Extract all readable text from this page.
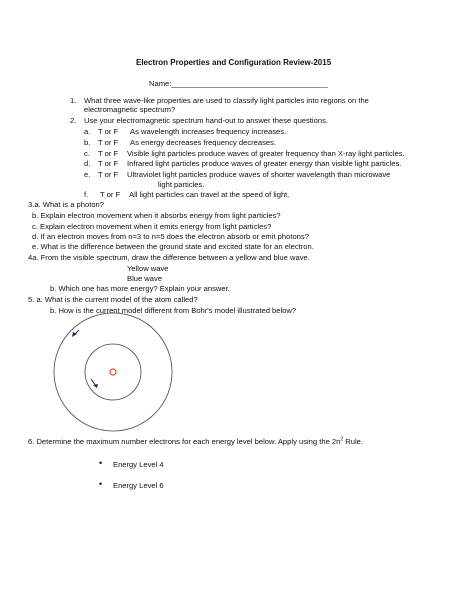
Electron Properties and Configuration Review-2015
Name:_____________________________________
1. What three wave-like properties are used to classify light particles into regions on the
electromagnetic spectrum?
2. Use your electromagnetic spectrum hand-out to answer these questions.
a. T or F As wavelength increases frequency increases.
b. T or F As energy decreases frequency decreases.
c. T or F Visible light particles produce waves of greater frequency than X-ray light particles.
d. T or F Infrared light particles produce waves of greater energy than visible light particles.
e. T or F Ultraviolet light particles produce waves of shorter wavelength than microwave
light particles.
f. T or F All light particles can travel at the speed of light.
3.a. What is a photon?
b. Explain electron movement when it absorbs energy from light particles?
c. Explain electron movement when it emits energy from light particles?
d. If an electron moves from n=3 to n=5 does the electron absorb or emit photons?
e. What is the difference between the ground state and excited state for an electron.
4a. From the visible spectrum, draw the difference between a yellow and blue wave.
Yellow wave
Blue wave
b. Which one has more energy? Explain your answer.
5. a. What is the current model of the atom called?
b. How is the current model different from Bohr's model illustrated below?
6. Determine the maximum number electrons for each energy level below. Apply using the $2n^2$ Rule.
• Energy Level 4
• Energy Level 6
